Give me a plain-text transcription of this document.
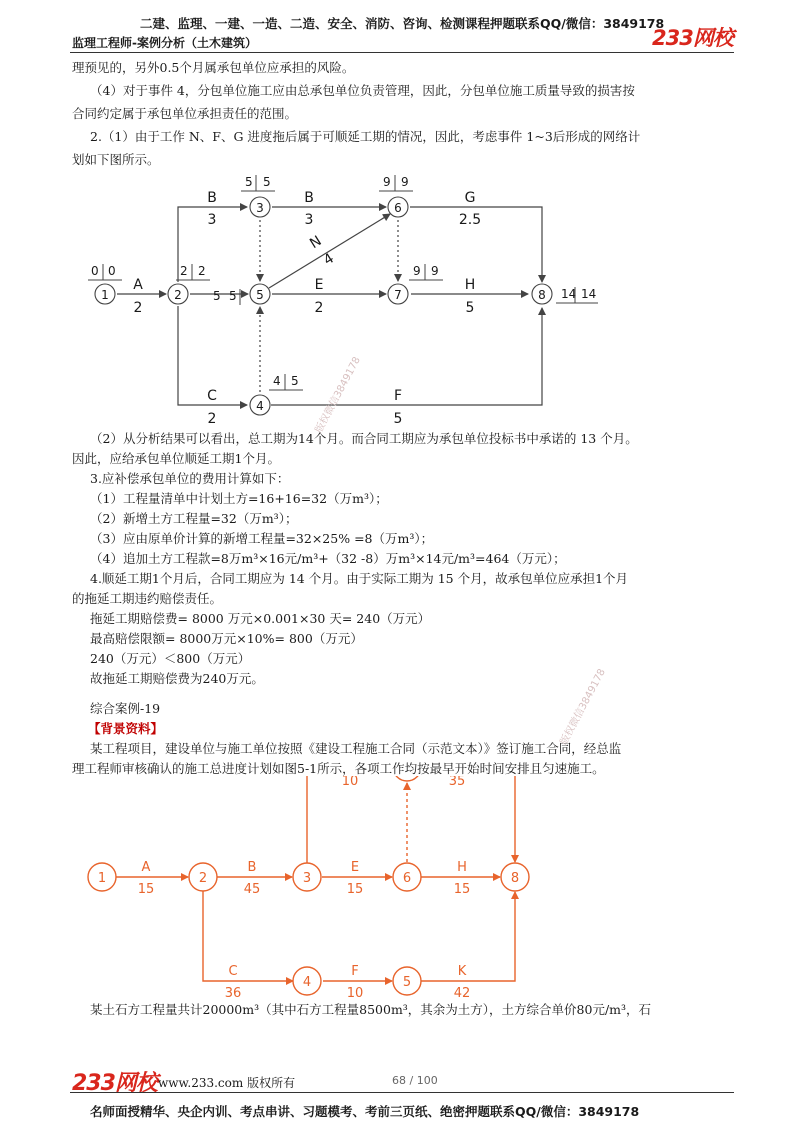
二建、监理、一建、一造、二造、安全、消防、咨询、检测课程押题联系QQ/微信：3849178
监理工程师-案例分析（土木建筑）	233网校
理预见的，另外0.5个月属承包单位应承担的风险。
（4）对于事件 4，分包单位施工应由总承包单位负责管理，因此，分包单位施工质量导致的损害按
合同约定属于承包单位承担责任的范围。
2.（1）由于工作 N、F、G 进度拖后属于可顺延工期的情况，因此，考虑事件 1~3后形成的网络计
划如下图所示。
1	2
3
4
5
6
7	8
0 0	2 2
5 5
4 5
5 5
9 9
9 9
14 14
A
2
B
3
B
3
N
4
E
2
G
2.5
H
5
C
2
F
5
（2）从分析结果可以看出，总工期为14个月。而合同工期应为承包单位投标书中承诺的 13 个月。
因此，应给承包单位顺延工期1个月。
3.应补偿承包单位的费用计算如下：
（1）工程量清单中计划土方=16+16=32（万m³）；
（2）新增土方工程量=32（万m³）；
（3）应由原单价计算的新增工程量=32×25% =8（万m³）；
（4）追加土方工程款=8万m³×16元/m³+（32 -8）万m³×14元/m³=464（万元）；
4.顺延工期1个月后，合同工期应为 14 个月。由于实际工期为 15 个月，故承包单位应承担1个月
的拖延工期违约赔偿责任。
拖延工期赔偿费= 8000 万元×0.001×30 天= 240（万元）
最高赔偿限额= 8000万元×10%= 800（万元）
240（万元）＜800（万元）
故拖延工期赔偿费为240万元。
综合案例-19
【背景资料】
某工程项目，建设单位与施工单位按照《建设工程施工合同（示范文本）》签订施工合同，经总监
理工程师审核确认的施工总进度计划如图5-1所示，各项工作均按最早开始时间安排且匀速施工。
1	2	3
4	5
6	8
A
15
B
45
E
15
H
15
10	35
C
36
F
10
K
42
某土石方工程量共计20000m³（其中石方工程量8500m³，其余为土方），土方综合单价80元/m³，石
版权微信3849178
版权微信3849178
233网校 www.233.com 版权所有	68 / 100
名师面授精华、央企内训、考点串讲、习题模考、考前三页纸、绝密押题联系QQ/微信：3849178
